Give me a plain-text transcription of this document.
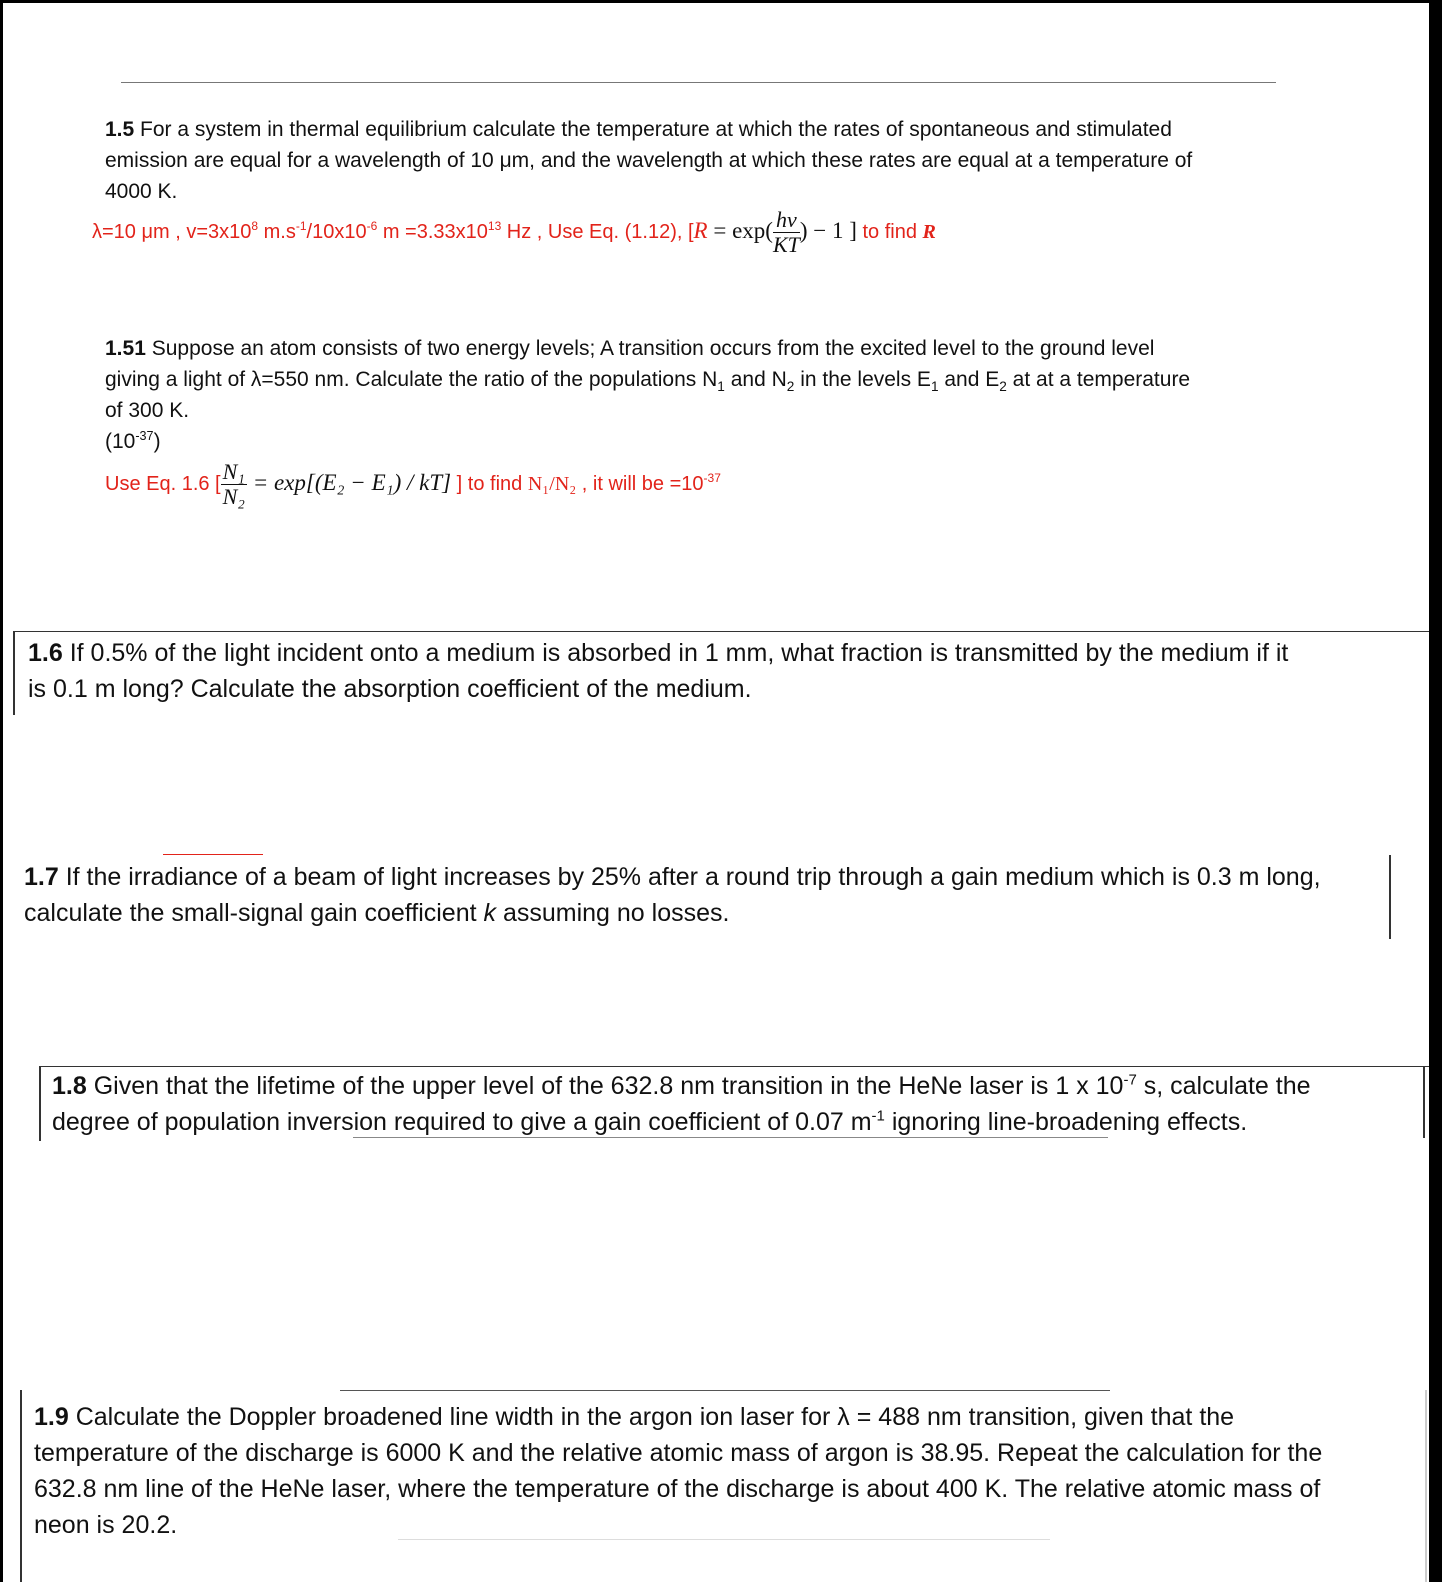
1.5 For a system in thermal equilibrium calculate the temperature at which the rates of spontaneous and stimulated
emission are equal for a wavelength of 10 μm, and the wavelength at which these rates are equal at a temperature of
4000 K.
λ=10 μm , $v=3x10^8$ $m.s^{-1}/10x10^{-6}$ $m =3.33x10^{13}$ Hz , Use Eq. (1.12), [$R = \exp( \frac{h\nu}{KT}$ ) − 1 ] to find R
1.51 Suppose an atom consists of two energy levels; A transition occurs from the excited level to the ground level
giving a light of λ=550 nm. Calculate the ratio of the populations $N_1$ and $N_2$ in the levels $E_1$ and $E_2$ at at a temperature
of 300 K.
$(10^{-37})$
Use Eq. 1.6 [ $\frac{\text{N₁}}{\text{N₂}} = \exp[(E_2 - E_1) / kT]$ ] to find N₁/N₂ , it will be $=10^{-37}$
1.6 If 0.5% of the light incident onto a medium is absorbed in 1 mm, what fraction is transmitted by the medium if it
is 0.1 m long? Calculate the absorption coefficient of the medium.
1.7 If the irradiance of a beam of light increases by 25% after a round trip through a gain medium which is 0.3 m long,
calculate the small-signal gain coefficient k assuming no losses.
1.8 Given that the lifetime of the upper level of the 632.8 nm transition in the HeNe laser is 1 x $10^{-7}$ s, calculate the
degree of population inversion required to give a gain coefficient of 0.07 $m^{-1}$ ignoring line-broadening effects.
1.9 Calculate the Doppler broadened line width in the argon ion laser for λ = 488 nm transition, given that the
temperature of the discharge is 6000 K and the relative atomic mass of argon is 38.95. Repeat the calculation for the
632.8 nm line of the HeNe laser, where the temperature of the discharge is about 400 K. The relative atomic mass of
neon is 20.2.
